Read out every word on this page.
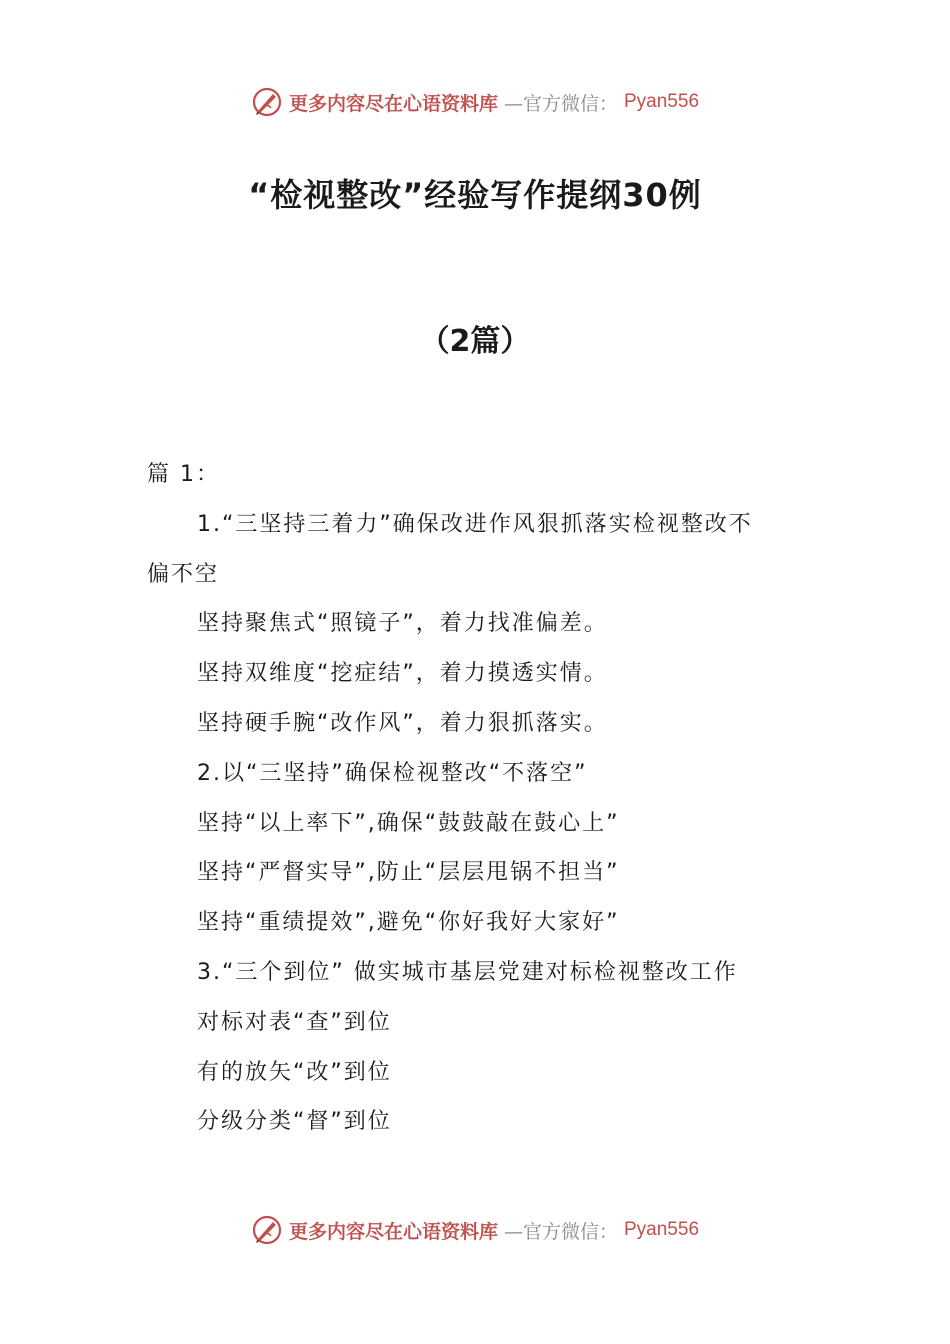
更多内容尽在心语资料库 —官方微信： Pyan556
“检视整改”经验写作提纲30例
（2篇）
篇 1：
1.“三坚持三着力”确保改进作风狠抓落实检视整改不
偏不空
坚持聚焦式“照镜子”，着力找准偏差。
坚持双维度“挖症结”，着力摸透实情。
坚持硬手腕“改作风”，着力狠抓落实。
2.以“三坚持”确保检视整改“不落空”
坚持“以上率下”,确保“鼓鼓敲在鼓心上”
坚持“严督实导”,防止“层层甩锅不担当”
坚持“重绩提效”,避免“你好我好大家好”
3.“三个到位” 做实城市基层党建对标检视整改工作
对标对表“查”到位
有的放矢“改”到位
分级分类“督”到位
更多内容尽在心语资料库 —官方微信： Pyan556
